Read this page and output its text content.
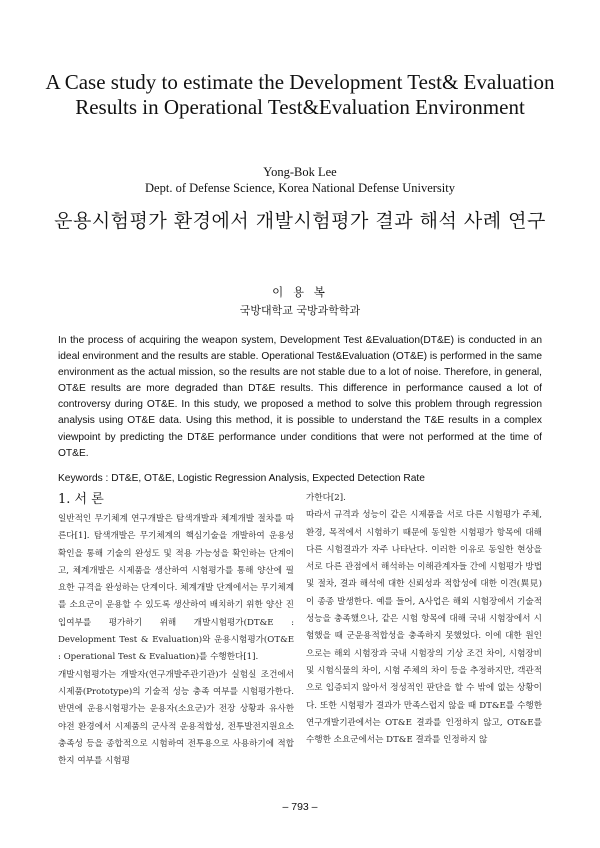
A Case study to estimate the Development Test& Evaluation Results in Operational Test&Evaluation Environment
Yong-Bok Lee
Dept. of Defense Science, Korea National Defense University
운용시험평가 환경에서 개발시험평가 결과 해석 사례 연구
이 용 복
국방대학교 국방과학학과
In the process of acquiring the weapon system, Development Test &Evaluation(DT&E) is conducted in an ideal environment and the results are stable. Operational Test&Evaluation (OT&E) is performed in the same environment as the actual mission, so the results are not stable due to a lot of noise. Therefore, in general, OT&E results are more degraded than DT&E results. This difference in performance caused a lot of controversy during OT&E. In this study, we proposed a method to solve this problem through regression analysis using OT&E data. Using this method, it is possible to understand the T&E results in a complex viewpoint by predicting the DT&E performance under conditions that were not performed at the time of OT&E.
Keywords : DT&E, OT&E, Logistic Regression Analysis, Expected Detection Rate
1. 서 론

일반적인 무기체계 연구개발은 탐색개발과 체계개발 절차를 따른다[1]. 탐색개발은 무기체계의 핵심기술을 개발하여 운용성 확인을 통해 기술의 완성도 및 적용 가능성을 확인하는 단계이고, 체계개발은 시제품을 생산하여 시험평가를 통해 양산에 필요한 규격을 완성하는 단계이다. 체계개발 단계에서는 무기체계를 소요군이 운용할 수 있도록 생산하여 배치하기 위한 양산 진입여부를 평가하기 위해 개발시험평가(DT&E : Development Test & Evaluation)와 운용시험평가(OT&E : Operational Test & Evaluation)를 수행한다[1].

개발시험평가는 개발자(연구개발주관기관)가 실험실 조건에서 시제품(Prototype)의 기술적 성능 충족 여부를 시험평가한다. 반면에 운용시험평가는 운용자(소요군)가 전장 상황과 유사한 야전 환경에서 시제품의 군사적 운용적합성, 전투발전지원요소 충족성 등을 종합적으로 시험하여 전투용으로 사용하기에 적합한지 여부를 시험평

가한다[2].

따라서 규격과 성능이 같은 시제품을 서로 다른 시험평가 주체, 환경, 목적에서 시험하기 때문에 동일한 시험평가 항목에 대해 다른 시험결과가 자주 나타난다. 이러한 이유로 동일한 현상을 서로 다른 관점에서 해석하는 이해관계자들 간에 시험평가 방법 및 절차, 결과 해석에 대한 신뢰성과 적합성에 대한 이견(異見)이 종종 발생한다. 예를 들어, A사업은 해외 시험장에서 기술적 성능을 충족했으나, 같은 시험 항목에 대해 국내 시험장에서 시험했을 때 군운용적합성을 충족하지 못했었다. 이에 대한 원인으로는 해외 시험장과 국내 시험장의 기상 조건 차이, 시험장비 및 시험식물의 차이, 시험 주체의 차이 등을 추정하지만, 객관적으로 입증되지 않아서 정성적인 판단을 할 수 밖에 없는 상황이다. 또한 시험평가 결과가 만족스럽지 않을 때 DT&E를 수행한 연구개발기관에서는 OT&E 결과를 인정하지 않고, OT&E를 수행한 소요군에서는 DT&E 결과를 인정하지 않

– 793 –
